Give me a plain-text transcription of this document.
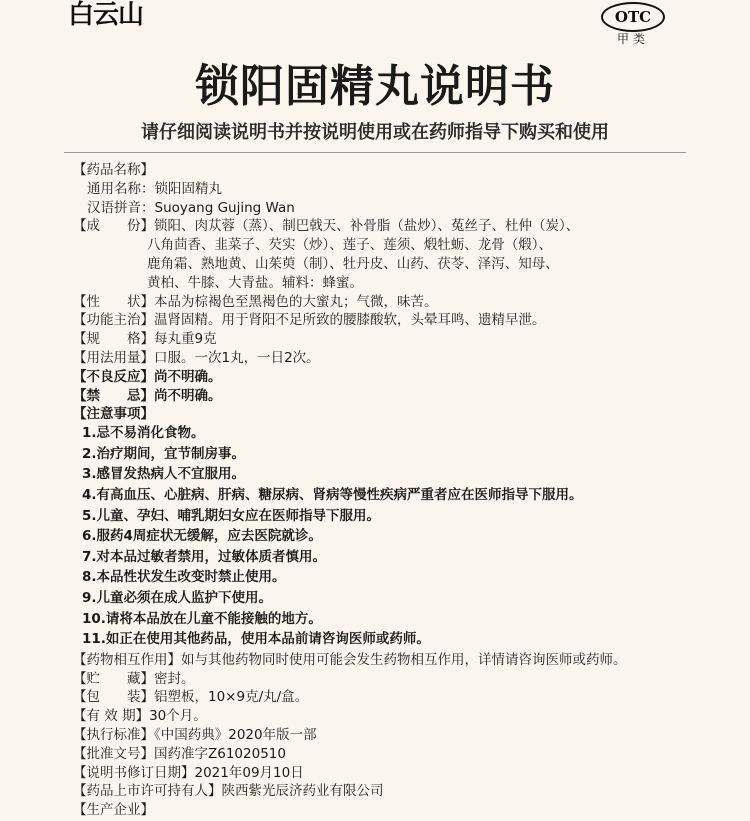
白云山	OTC
甲类
锁阳固精丸说明书
请仔细阅读说明书并按说明使用或在药师指导下购买和使用
【药品名称】
通用名称：锁阳固精丸
汉语拼音：Suoyang Gujing Wan
【成　　份】锁阳、肉苁蓉（蒸）、制巴戟天、补骨脂（盐炒）、菟丝子、杜仲（炭）、
八角茴香、韭菜子、芡实（炒）、莲子、莲须、煅牡蛎、龙骨（煅）、
鹿角霜、熟地黄、山茱萸（制）、牡丹皮、山药、茯苓、泽泻、知母、
黄柏、牛膝、大青盐。辅料：蜂蜜。
【性　　状】本品为棕褐色至黑褐色的大蜜丸；气微，味苦。
【功能主治】温肾固精。用于肾阳不足所致的腰膝酸软，头晕耳鸣、遗精早泄。
【规　　格】每丸重9克
【用法用量】口服。一次1丸，一日2次。
【不良反应】尚不明确。
【禁　　忌】尚不明确。
【注意事项】
1.忌不易消化食物。
2.治疗期间，宜节制房事。
3.感冒发热病人不宜服用。
4.有高血压、心脏病、肝病、糖尿病、肾病等慢性疾病严重者应在医师指导下服用。
5.儿童、孕妇、哺乳期妇女应在医师指导下服用。
6.服药4周症状无缓解，应去医院就诊。
7.对本品过敏者禁用，过敏体质者慎用。
8.本品性状发生改变时禁止使用。
9.儿童必须在成人监护下使用。
10.请将本品放在儿童不能接触的地方。
11.如正在使用其他药品，使用本品前请咨询医师或药师。
【药物相互作用】如与其他药物同时使用可能会发生药物相互作用，详情请咨询医师或药师。
【贮　　藏】密封。
【包　　装】铝塑板，10×9克/丸/盒。
【有 效 期】30个月。
【执行标准】《中国药典》2020年版一部
【批准文号】国药准字Z61020510
【说明书修订日期】2021年09月10日
【药品上市许可持有人】陕西紫光辰济药业有限公司
【生产企业】
